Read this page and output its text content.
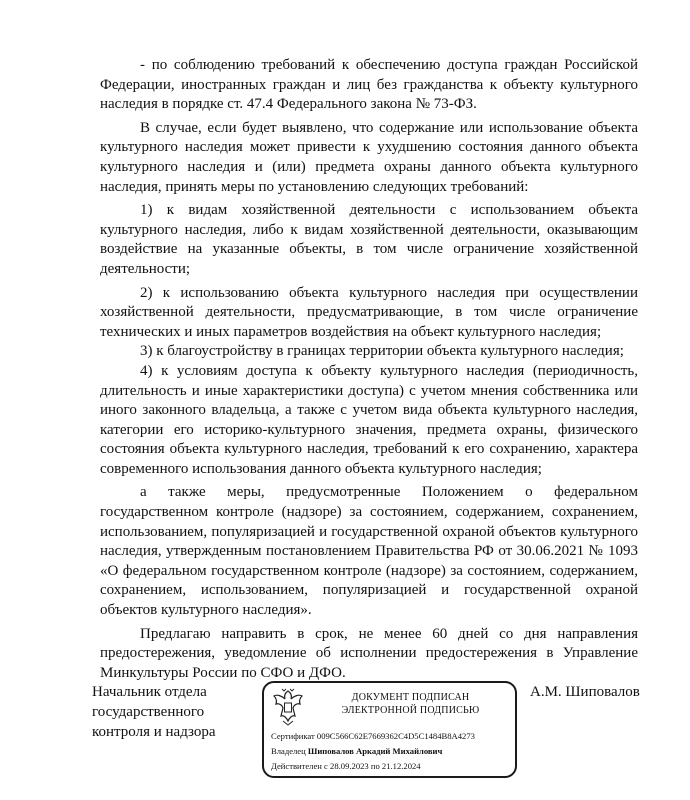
- по соблюдению требований к обеспечению доступа граждан Российской Федерации, иностранных граждан и лиц без гражданства к объекту культурного наследия в порядке ст. 47.4 Федерального закона № 73-ФЗ.

В случае, если будет выявлено, что содержание или использование объекта культурного наследия может привести к ухудшению состояния данного объекта культурного наследия и (или) предмета охраны данного объекта культурного наследия, принять меры по установлению следующих требований:

1) к видам хозяйственной деятельности с использованием объекта культурного наследия, либо к видам хозяйственной деятельности, оказывающим воздействие на указанные объекты, в том числе ограничение хозяйственной деятельности;

2) к использованию объекта культурного наследия при осуществлении хозяйственной деятельности, предусматривающие, в том числе ограничение технических и иных параметров воздействия на объект культурного наследия;

3) к благоустройству в границах территории объекта культурного наследия;

4) к условиям доступа к объекту культурного наследия (периодичность, длительность и иные характеристики доступа) с учетом мнения собственника или иного законного владельца, а также с учетом вида объекта культурного наследия, категории его историко-культурного значения, предмета охраны, физического состояния объекта культурного наследия, требований к его сохранению, характера современного использования данного объекта культурного наследия;

а также меры, предусмотренные Положением о федеральном государственном контроле (надзоре) за состоянием, содержанием, сохранением, использованием, популяризацией и государственной охраной объектов культурного наследия, утвержденным постановлением Правительства РФ от 30.06.2021 № 1093 «О федеральном государственном контроле (надзоре) за состоянием, содержанием, сохранением, использованием, популяризацией и государственной охраной объектов культурного наследия».

Предлагаю направить в срок, не менее 60 дней со дня направления предостережения, уведомление об исполнении предостережения в Управление Минкультуры России по СФО и ДФО.

Начальник отдела
государственного
контроля и надзора
А.М. Шиповалов
ДОКУМЕНТ ПОДПИСАН
ЭЛЕКТРОННОЙ ПОДПИСЬЮ
Сертификат 009C566C62E7669362C4D5C1484B8A4273
Владелец Шиповалов Аркадий Михайлович
Действителен с 28.09.2023 по 21.12.2024
